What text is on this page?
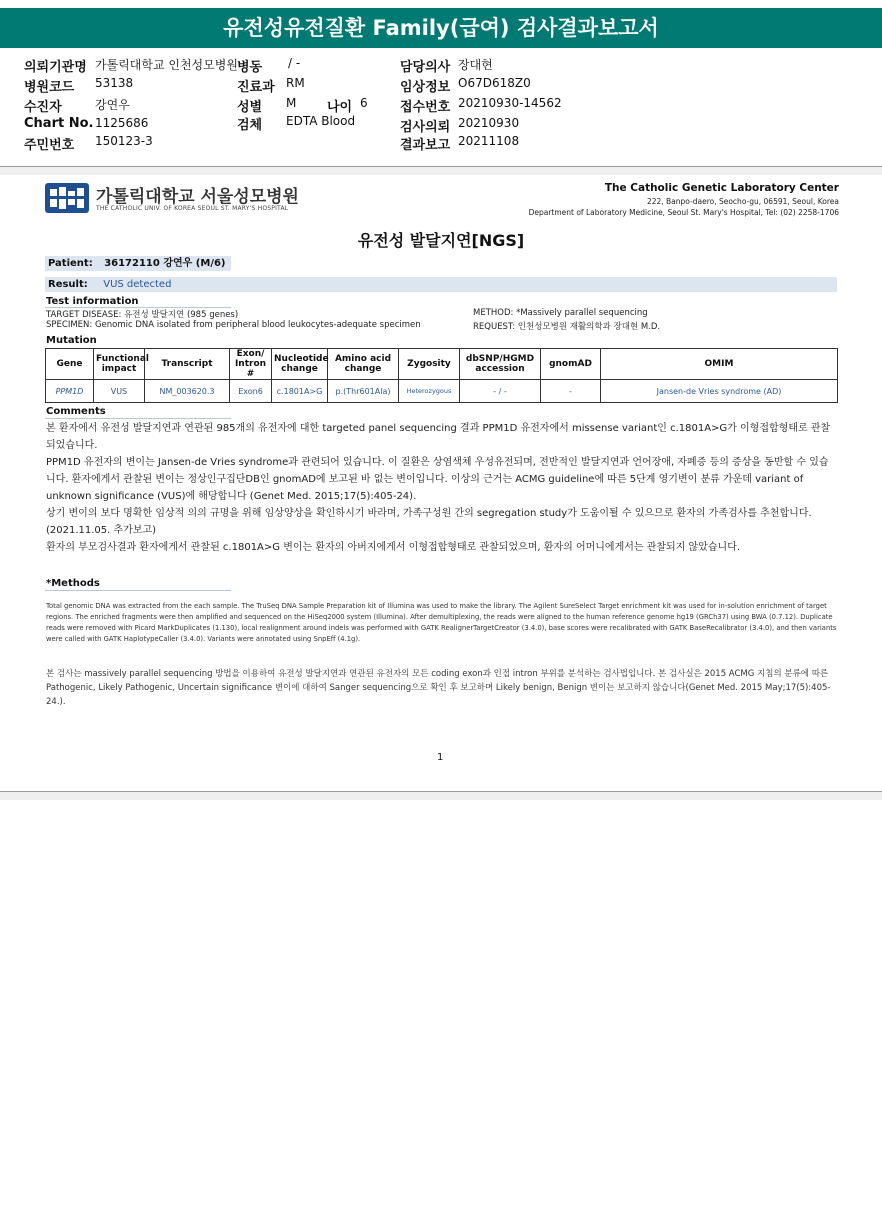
유전성유전질환 Family(급여) 검사결과보고서
의뢰기관명 가톨릭대학교 인천성모병원 병동 / -	담당의사 장대현
병원코드 53138	진료과 RM	임상정보 O67D618Z0
수진자	강연우	성별 M 나이 6 접수번호 20210930-14562
Chart No. 1125686	검체 EDTA Blood	검사의뢰 20210930
주민번호 150123-3	결과보고 20211108
가톨릭대학교 서울성모병원
THE CATHOLIC UNIV. OF KOREA SEOUL ST. MARY'S HOSPITAL
The Catholic Genetic Laboratory Center
222, Banpo-daero, Seocho-gu, 06591, Seoul, Korea
Department of Laboratory Medicine, Seoul St. Mary's Hospital, Tel: (02) 2258-1706
유전성 발달지연[NGS]
Patient: 36172110 강연우 (M/6)
Result: VUS detected
Test information
TARGET DISEASE: 유전성 발달지연 (985 genes)
SPECIMEN: Genomic DNA isolated from peripheral blood leukocytes-adequate specimen
METHOD: *Massively parallel sequencing
REQUEST: 인천성모병원 재활의학과 장대현 M.D.
Mutation
Gene	Functional impact	Transcript	Exon/ Intron #	Nucleotide change	Amino acid change	Zygosity	dbSNP/HGMD accession	gnomAD	OMIM
PPM1D	VUS	NM_003620.3	Exon6	c.1801A>G	p.(Thr601Ala)	Heterozygous	- / -	-	Jansen-de Vries syndrome (AD)
Comments

본 환자에서 유전성 발달지연과 연관된 985개의 유전자에 대한 targeted panel sequencing 결과 PPM1D 유전자에서 missense variant인 c.1801A>G가 이형접합형태로 관찰되었습니다.

PPM1D 유전자의 변이는 Jansen-de Vries syndrome과 관련되어 있습니다. 이 질환은 상염색체 우성유전되며, 전반적인 발달지연과 언어장애, 자폐증 등의 증상을 동반할 수 있습니다. 환자에게서 관찰된 변이는 정상인구집단DB인 gnomAD에 보고된 바 없는 변이입니다. 이상의 근거는 ACMG guideline에 따른 5단계 영기변이 분류 가운데 variant of unknown significance (VUS)에 해당합니다 (Genet Med. 2015;17(5):405-24).

상기 변이의 보다 명확한 임상적 의의 규명을 위해 임상양상을 확인하시기 바라며, 가족구성원 간의 segregation study가 도움이될 수 있으므로 환자의 가족검사를 추천합니다.

(2021.11.05. 추가보고)

환자의 부모검사결과 환자에게서 관찰된 c.1801A>G 변이는 환자의 아버지에게서 이형접합형태로 관찰되었으며, 환자의 어머니에게서는 관찰되지 않았습니다.

*Methods

Total genomic DNA was extracted from the each sample. The TruSeq DNA Sample Preparation kit of Illumina was used to make the library. The Agilent SureSelect Target enrichment kit was used for in-solution enrichment of target regions. The enriched fragments were then amplified and sequenced on the HiSeq2000 system (Illumina). After demultiplexing, the reads were aligned to the human reference genome hg19 (GRCh37) using BWA (0.7.12). Duplicate reads were removed with Picard MarkDuplicates (1.130), local realignment around indels was performed with GATK RealignerTargetCreator (3.4.0), base scores were recalibrated with GATK BaseRecalibrator (3.4.0), and then variants were called with GATK HaplotypeCaller (3.4.0). Variants were annotated using SnpEff (4.1g).

본 검사는 massively parallel sequencing 방법을 이용하여 유전성 발달지연과 연관된 유전자의 모든 coding exon과 인접 intron 부위를 분석하는 검사법입니다. 본 검사실은 2015 ACMG 지침의 분류에 따른 Pathogenic, Likely Pathogenic, Uncertain significance 변이에 대하여 Sanger sequencing으로 확인 후 보고하며 Likely benign, Benign 변이는 보고하지 않습니다(Genet Med. 2015 May;17(5):405-24.).

1
